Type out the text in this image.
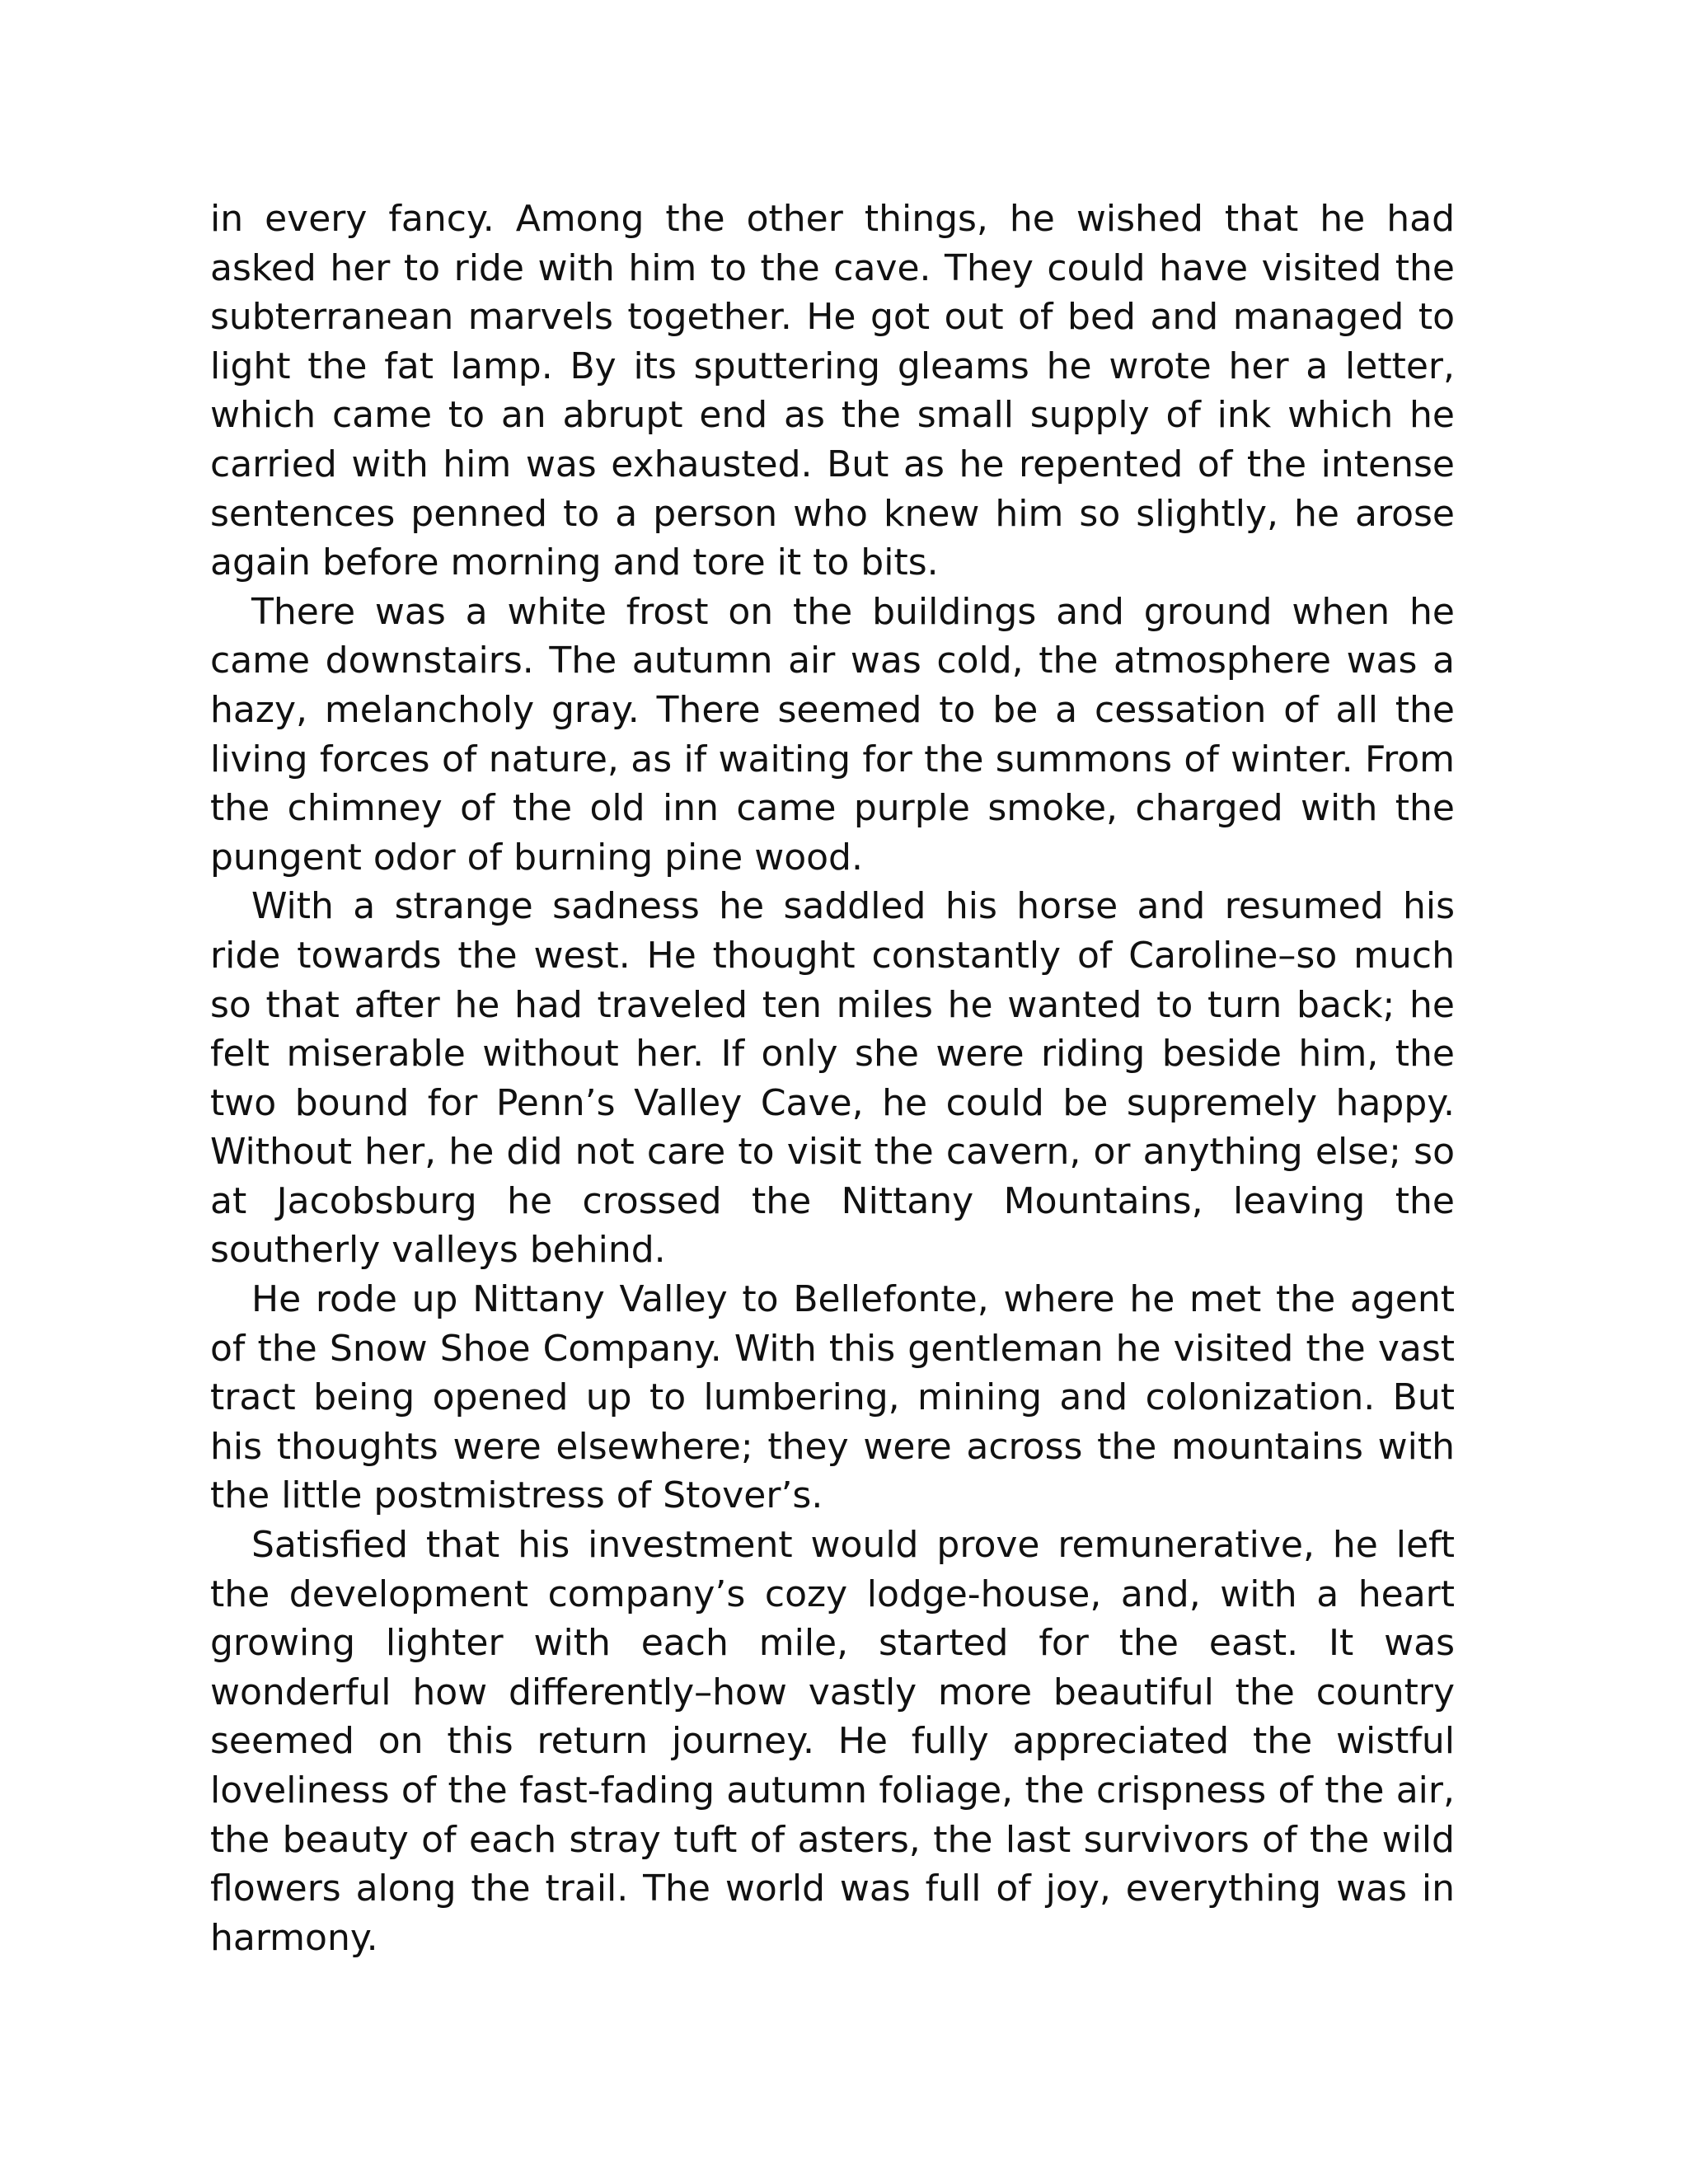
in every fancy. Among the other things, he wished that he had asked her to ride with him to the cave. They could have visited the subterranean marvels together. He got out of bed and managed to light the fat lamp. By its sputtering gleams he wrote her a letter, which came to an abrupt end as the small supply of ink which he carried with him was exhausted. But as he repented of the intense sentences penned to a person who knew him so slightly, he arose again before morning and tore it to bits.

There was a white frost on the buildings and ground when he came downstairs. The autumn air was cold, the atmosphere was a hazy, melancholy gray. There seemed to be a cessation of all the living forces of nature, as if waiting for the summons of winter. From the chimney of the old inn came purple smoke, charged with the pungent odor of burning pine wood.

With a strange sadness he saddled his horse and resumed his ride towards the west. He thought constantly of Caroline–so much so that after he had traveled ten miles he wanted to turn back; he felt miserable without her. If only she were riding beside him, the two bound for Penn’s Valley Cave, he could be supremely happy. Without her, he did not care to visit the cavern, or anything else; so at Jacobsburg he crossed the Nittany Mountains, leaving the southerly valleys behind.

He rode up Nittany Valley to Bellefonte, where he met the agent of the Snow Shoe Company. With this gentleman he visited the vast tract being opened up to lumbering, mining and colonization. But his thoughts were elsewhere; they were across the mountains with the little postmistress of Stover’s.

Satisfied that his investment would prove remunerative, he left the development company’s cozy lodge-house, and, with a heart growing lighter with each mile, started for the east. It was wonderful how differently–how vastly more beautiful the country seemed on this return journey. He fully appreciated the wistful loveliness of the fast-fading autumn foliage, the crispness of the air, the beauty of each stray tuft of asters, the last survivors of the wild flowers along the trail. The world was full of joy, everything was in harmony.
